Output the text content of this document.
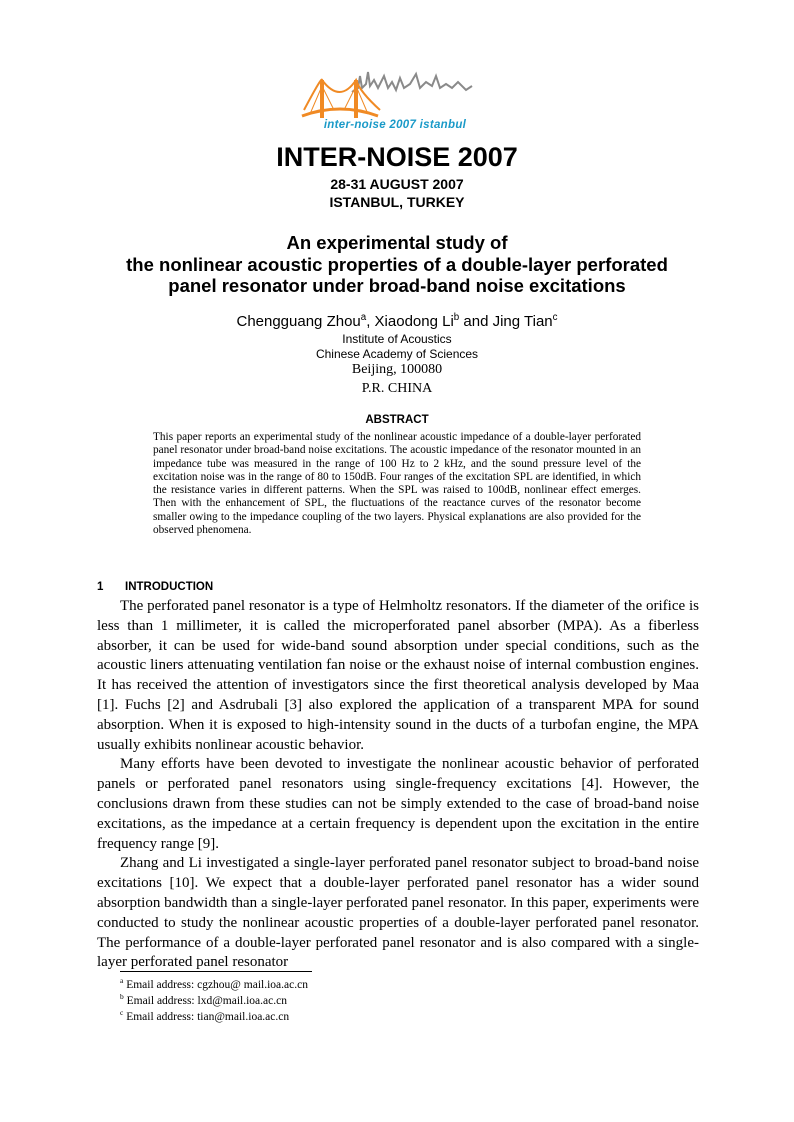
inter-noise 2007 istanbul
INTER-NOISE 2007
28-31 AUGUST 2007
ISTANBUL, TURKEY
An experimental study of
the nonlinear acoustic properties of a double-layer perforated
panel resonator under broad-band noise excitations
Chengguang Zhou$^a$, Xiaodong Li$^b$ and Jing Tian$^c$
Institute of Acoustics
Chinese Academy of Sciences
Beijing, 100080
P.R. CHINA
ABSTRACT
This paper reports an experimental study of the nonlinear acoustic impedance of a double-layer perforated panel resonator under broad-band noise excitations. The acoustic impedance of the resonator mounted in an impedance tube was measured in the range of 100 Hz to 2 kHz, and the sound pressure level of the excitation noise was in the range of 80 to 150dB. Four ranges of the excitation SPL are identified, in which the resistance varies in different patterns. When the SPL was raised to 100dB, nonlinear effect emerges. Then with the enhancement of SPL, the fluctuations of the reactance curves of the resonator become smaller owing to the impedance coupling of the two layers. Physical explanations are also provided for the observed phenomena.
1 INTRODUCTION

The perforated panel resonator is a type of Helmholtz resonators. If the diameter of the orifice is less than 1 millimeter, it is called the microperforated panel absorber (MPA). As a fiberless absorber, it can be used for wide-band sound absorption under special conditions, such as the acoustic liners attenuating ventilation fan noise or the exhaust noise of internal combustion engines. It has received the attention of investigators since the first theoretical analysis developed by Maa [1]. Fuchs [2] and Asdrubali [3] also explored the application of a transparent MPA for sound absorption. When it is exposed to high-intensity sound in the ducts of a turbofan engine, the MPA usually exhibits nonlinear acoustic behavior.

Many efforts have been devoted to investigate the nonlinear acoustic behavior of perforated panels or perforated panel resonators using single-frequency excitations [4]. However, the conclusions drawn from these studies can not be simply extended to the case of broad-band noise excitations, as the impedance at a certain frequency is dependent upon the excitation in the entire frequency range [9].

Zhang and Li investigated a single-layer perforated panel resonator subject to broad-band noise excitations [10]. We expect that a double-layer perforated panel resonator has a wider sound absorption bandwidth than a single-layer perforated panel resonator. In this paper, experiments were conducted to study the nonlinear acoustic properties of a double-layer perforated panel resonator. The performance of a double-layer perforated panel resonator and is also compared with a single-layer perforated panel resonator

$^a$ Email address: cgzhou@ mail.ioa.ac.cn
$^b$ Email address: lxd@mail.ioa.ac.cn
$^c$ Email address: tian@mail.ioa.ac.cn
